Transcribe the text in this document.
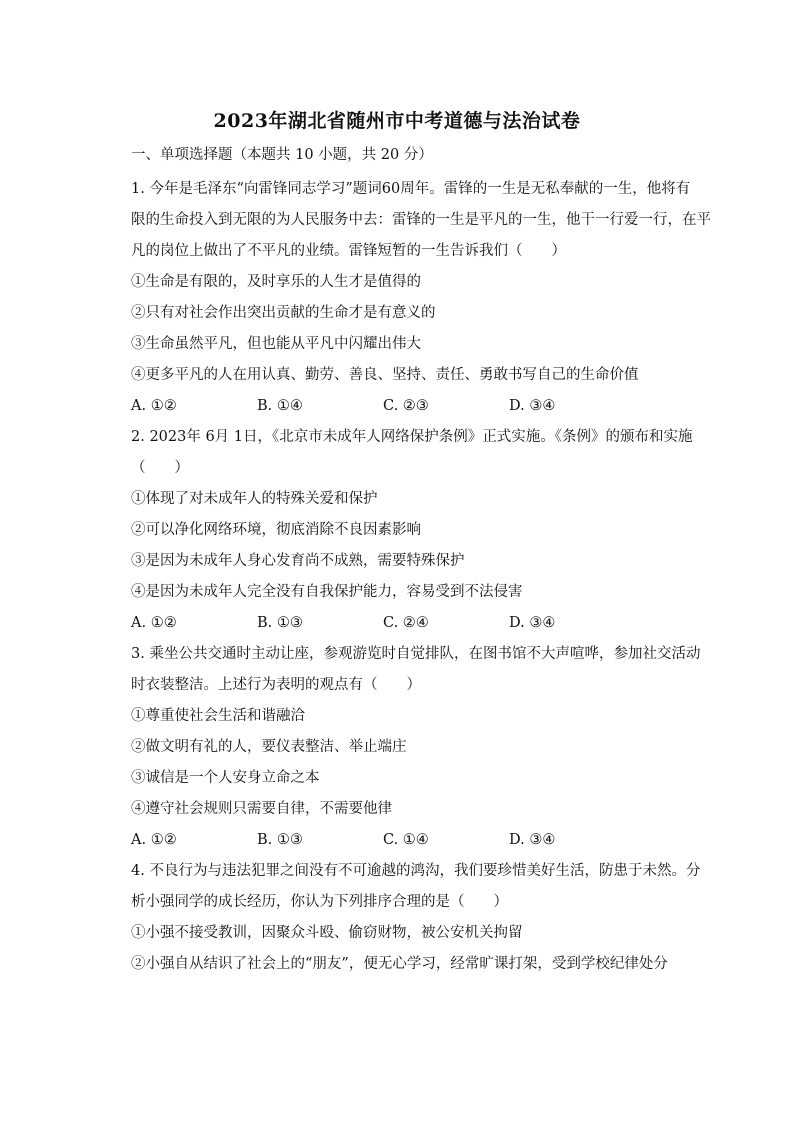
2023年湖北省随州市中考道德与法治试卷
一、单项选择题（本题共 10 小题，共 20 分）
1. 今年是毛泽东“向雷锋同志学习”题词60周年。雷锋的一生是无私奉献的一生，他将有
限的生命投入到无限的为人民服务中去：雷锋的一生是平凡的一生，他干一行爱一行，在平
凡的岗位上做出了不平凡的业绩。雷锋短暂的一生告诉我们（　　）
①生命是有限的，及时享乐的人生才是值得的
②只有对社会作出突出贡献的生命才是有意义的
③生命虽然平凡，但也能从平凡中闪耀出伟大
④更多平凡的人在用认真、勤劳、善良、坚持、责任、勇敢书写自己的生命价值
A. ①②	B. ①④	C. ②③	D. ③④
2. 2023年 6月 1日，《北京市未成年人网络保护条例》正式实施。《条例》的颁布和实施
（　　）
①体现了对未成年人的特殊关爱和保护
②可以净化网络环境，彻底消除不良因素影响
③是因为未成年人身心发育尚不成熟，需要特殊保护
④是因为未成年人完全没有自我保护能力，容易受到不法侵害
A. ①②	B. ①③	C. ②④	D. ③④
3. 乘坐公共交通时主动让座，参观游览时自觉排队，在图书馆不大声喧哗，参加社交活动
时衣装整洁。上述行为表明的观点有（　　）
①尊重使社会生活和谐融洽
②做文明有礼的人，要仪表整洁、举止端庄
③诚信是一个人安身立命之本
④遵守社会规则只需要自律，不需要他律
A. ①②	B. ①③	C. ①④	D. ③④
4. 不良行为与违法犯罪之间没有不可逾越的鸿沟，我们要珍惜美好生活，防患于未然。分
析小强同学的成长经历，你认为下列排序合理的是（　　）
①小强不接受教训，因聚众斗殴、偷窃财物，被公安机关拘留
②小强自从结识了社会上的“朋友”，便无心学习，经常旷课打架，受到学校纪律处分
